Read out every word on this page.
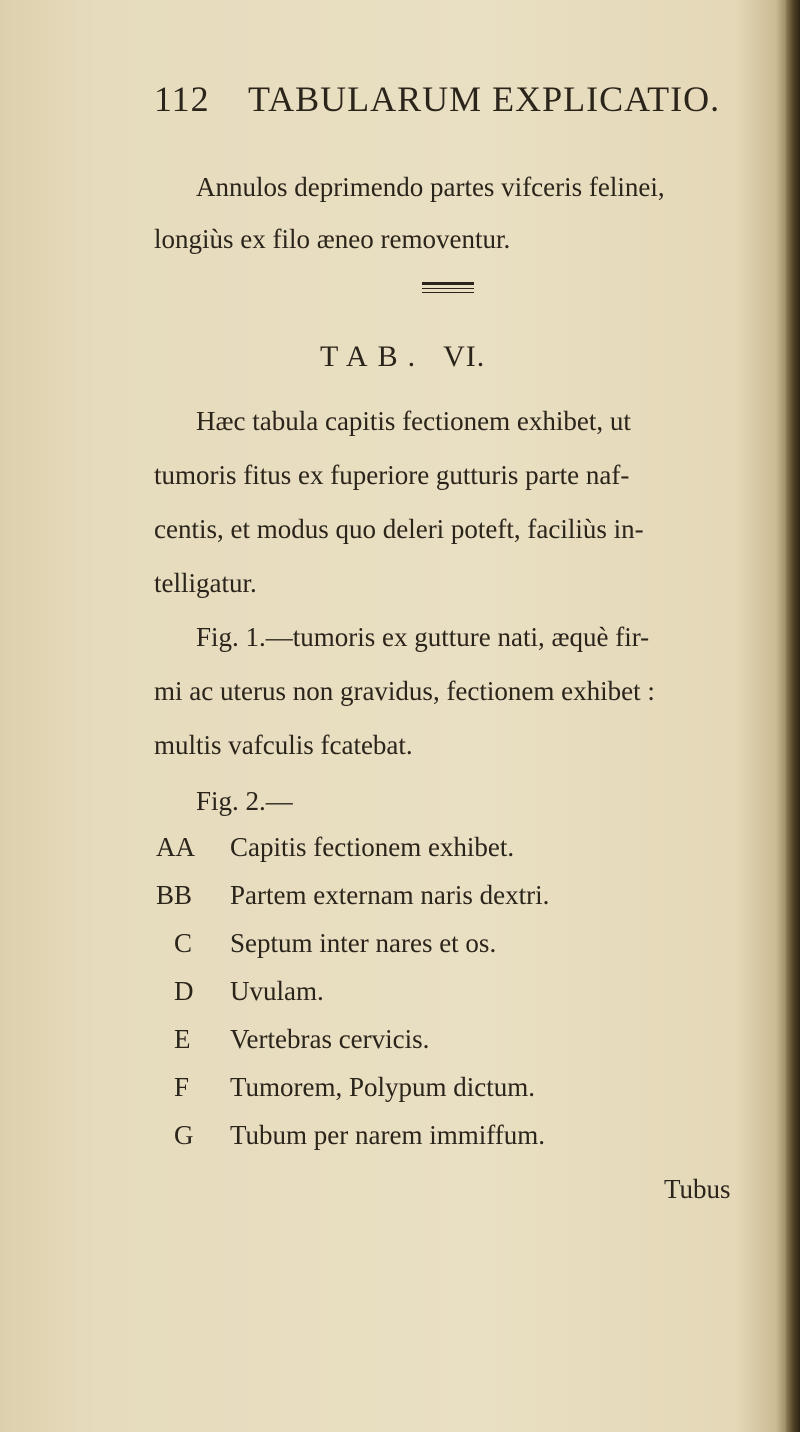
112 TABULARUM EXPLICATIO.
Annulos deprimendo partes vifceris felinei,
longiùs ex filo æneo removentur.
TAB. VI.
Hæc tabula capitis fectionem exhibet, ut
tumoris fitus ex fuperiore gutturis parte naf-
centis, et modus quo deleri poteft, faciliùs in-
telligatur.
Fig. 1.—tumoris ex gutture nati, æquè fir-
mi ac uterus non gravidus, fectionem exhibet :
multis vafculis fcatebat.
Fig. 2.—
AA Capitis fectionem exhibet.
BB Partem externam naris dextri.
C Septum inter nares et os.
D Uvulam.
E Vertebras cervicis.
F Tumorem, Polypum dictum.
G Tubum per narem immiffum.
Tubus
